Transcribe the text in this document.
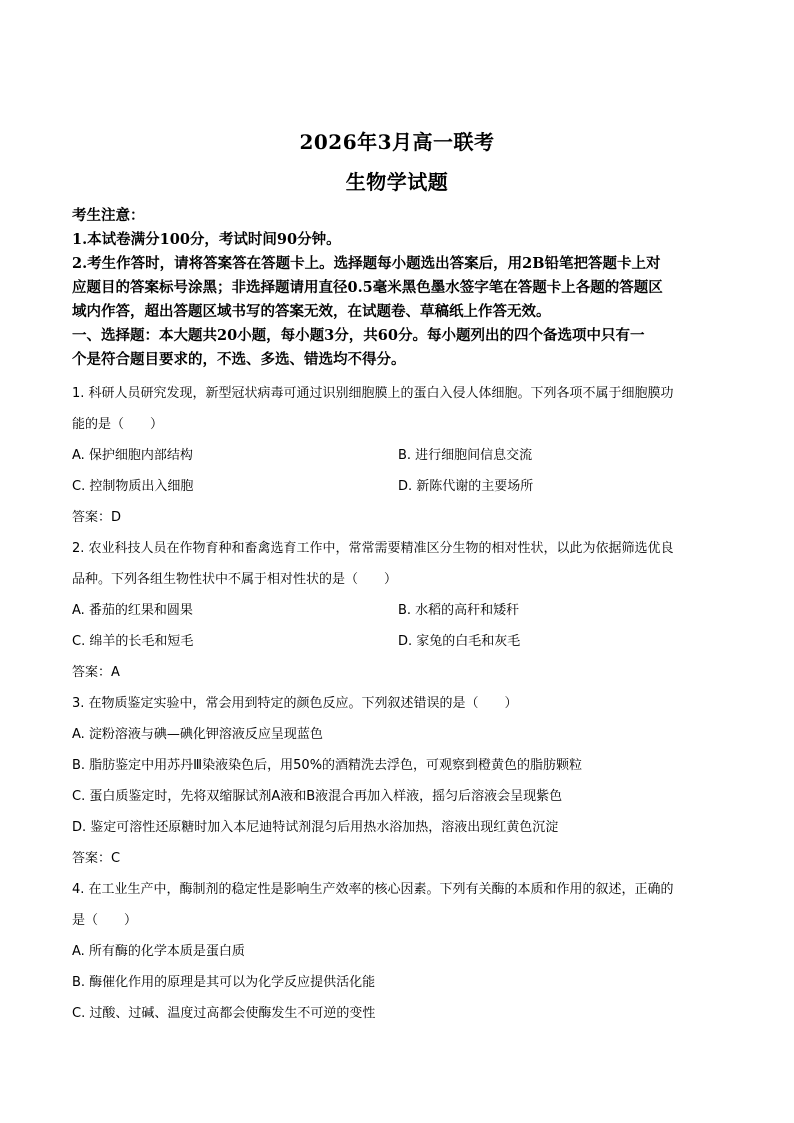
2026年3月高一联考
生物学试题

考生注意：

1.本试卷满分100分，考试时间90分钟。

2.考生作答时，请将答案答在答题卡上。选择题每小题选出答案后，用2B铅笔把答题卡上对

应题目的答案标号涂黑；非选择题请用直径0.5毫米黑色墨水签字笔在答题卡上各题的答题区

域内作答，超出答题区域书写的答案无效，在试题卷、草稿纸上作答无效。

一、选择题：本大题共20小题，每小题3分，共60分。每小题列出的四个备选项中只有一
个是符合题目要求的，不选、多选、错选均不得分。

1. 科研人员研究发现，新型冠状病毒可通过识别细胞膜上的蛋白入侵人体细胞。下列各项不属于细胞膜功

能的是（　　）

A. 保护细胞内部结构	B. 进行细胞间信息交流
C. 控制物质出入细胞	D. 新陈代谢的主要场所
答案：D

2. 农业科技人员在作物育种和畜禽选育工作中，常常需要精准区分生物的相对性状，以此为依据筛选优良

品种。下列各组生物性状中不属于相对性状的是（　　）

A. 番茄的红果和圆果	B. 水稻的高秆和矮秆
C. 绵羊的长毛和短毛	D. 家兔的白毛和灰毛
答案：A

3. 在物质鉴定实验中，常会用到特定的颜色反应。下列叙述错误的是（　　）

A. 淀粉溶液与碘—碘化钾溶液反应呈现蓝色
B. 脂肪鉴定中用苏丹Ⅲ染液染色后，用50%的酒精洗去浮色，可观察到橙黄色的脂肪颗粒
C. 蛋白质鉴定时，先将双缩脲试剂A液和B液混合再加入样液，摇匀后溶液会呈现紫色
D. 鉴定可溶性还原糖时加入本尼迪特试剂混匀后用热水浴加热，溶液出现红黄色沉淀
答案：C

4. 在工业生产中，酶制剂的稳定性是影响生产效率的核心因素。下列有关酶的本质和作用的叙述，正确的

是（　　）

A. 所有酶的化学本质是蛋白质
B. 酶催化作用的原理是其可以为化学反应提供活化能
C. 过酸、过碱、温度过高都会使酶发生不可逆的变性
